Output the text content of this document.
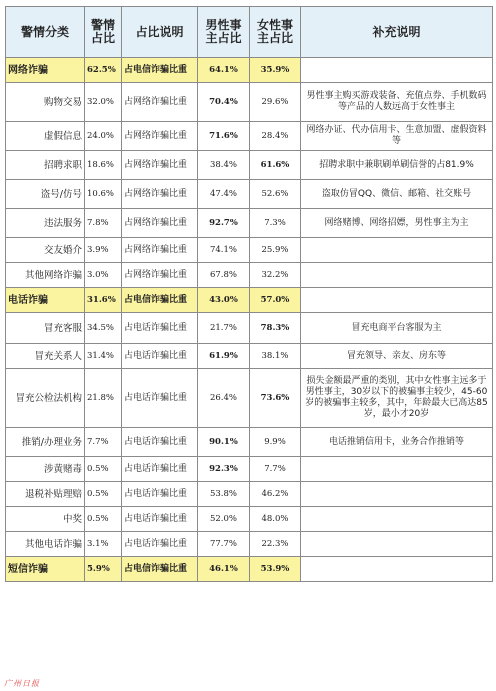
警情分类	警情占比	占比说明	男性事主占比	女性事主占比	补充说明
网络诈骗	62.5%	占电信诈骗比重	64.1%	35.9%	
购物交易	32.0%	占网络诈骗比重	70.4%	29.6%	男性事主购买游戏装备、充值点券、手机数码等产品的人数远高于女性事主
虚假信息	24.0%	占网络诈骗比重	71.6%	28.4%	网络办证、代办信用卡、生意加盟、虚假资料等
招聘求职	18.6%	占网络诈骗比重	38.4%	61.6%	招聘求职中兼职刷单刷信誉的占81.9%
盗号/仿号	10.6%	占网络诈骗比重	47.4%	52.6%	盗取仿冒QQ、微信、邮箱、社交账号
违法服务	7.8%	占网络诈骗比重	92.7%	7.3%	网络赌博、网络招嫖，男性事主为主
交友婚介	3.9%	占网络诈骗比重	74.1%	25.9%	
其他网络诈骗	3.0%	占网络诈骗比重	67.8%	32.2%	
电话诈骗	31.6%	占电信诈骗比重	43.0%	57.0%	
冒充客服	34.5%	占电话诈骗比重	21.7%	78.3%	冒充电商平台客服为主
冒充关系人	31.4%	占电话诈骗比重	61.9%	38.1%	冒充领导、亲友、房东等
冒充公检法机构	21.8%	占电话诈骗比重	26.4%	73.6%	损失金额最严重的类别，其中女性事主远多于男性事主，30岁以下的被骗事主较少，45-60岁的被骗事主较多，其中，年龄最大已高达85岁，最小才20岁
推销/办理业务	7.7%	占电话诈骗比重	90.1%	9.9%	电话推销信用卡，业务合作推销等
涉黄赌毒	0.5%	占电话诈骗比重	92.3%	7.7%	
退税补贴理赔	0.5%	占电话诈骗比重	53.8%	46.2%	
中奖	0.5%	占电话诈骗比重	52.0%	48.0%	
其他电话诈骗	3.1%	占电话诈骗比重	77.7%	22.3%	
短信诈骗	5.9%	占电信诈骗比重	46.1%	53.9%	
广州日报
